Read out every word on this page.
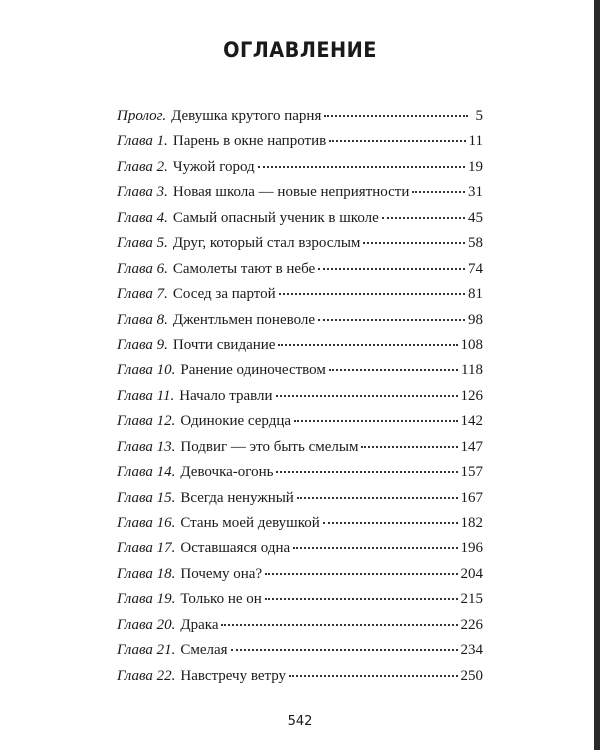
ОГЛАВЛЕНИЕ
Пролог. Девушка крутого парня	5
Глава 1. Парень в окне напротив	11
Глава 2. Чужой город	19
Глава 3. Новая школа — новые неприятности	31
Глава 4. Самый опасный ученик в школе	45
Глава 5. Друг, который стал взрослым	58
Глава 6. Самолеты тают в небе	74
Глава 7. Сосед за партой	81
Глава 8. Джентльмен поневоле	98
Глава 9. Почти свидание	108
Глава 10. Ранение одиночеством	118
Глава 11. Начало травли	126
Глава 12. Одинокие сердца	142
Глава 13. Подвиг — это быть смелым	147
Глава 14. Девочка-огонь	157
Глава 15. Всегда ненужный	167
Глава 16. Стань моей девушкой	182
Глава 17. Оставшаяся одна	196
Глава 18. Почему она?	204
Глава 19. Только не он	215
Глава 20. Драка	226
Глава 21. Смелая	234
Глава 22. Навстречу ветру	250
542
